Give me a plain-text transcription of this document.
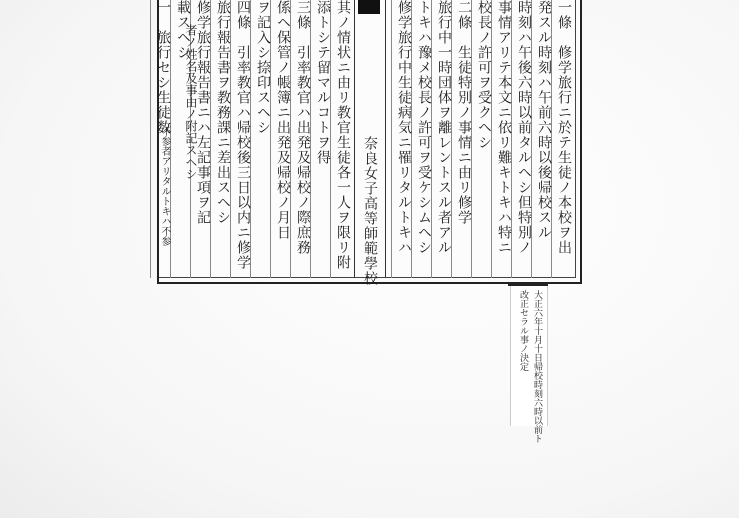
一條　修学旅行ニ於テ生徒ノ本校ヲ出
発スル時刻ハ午前六時以後帰校スル
時刻ハ午後六時以前タルヘシ但特別ノ
事情アリテ本文ニ依リ難キトキハ特ニ
校長ノ許可ヲ受クヘシ
二條　生徒特別ノ事情ニ由リ修学
旅行中一時団体ヲ離レントスル者アル
トキハ豫メ校長ノ許可ヲ受ケシムヘシ
修学旅行中生徒病気ニ罹リタルトキハ
其ノ情状ニ由リ教官生徒各一人ヲ限リ附
添トシテ留マルコトヲ得
三條　引率教官ハ出発及帰校ノ際庶務
係ヘ保管ノ帳簿ニ出発及帰校ノ月日
ヲ記入シ捺印スヘシ
四條　引率教官ハ帰校後三日以内ニ修学
旅行報告書ヲ教務課ニ差出スヘシ
修学旅行報告書ニハ左記事項ヲ記
載スヘシ
一　旅行セシ生徒数
奈良女子高等師範學校
者ノ姓名及事由ノ附記スヘシ
不参者アリタルトキハ不参
大正六年十月十日帰校時刻六時以前ト
改正セラル事ノ決定
